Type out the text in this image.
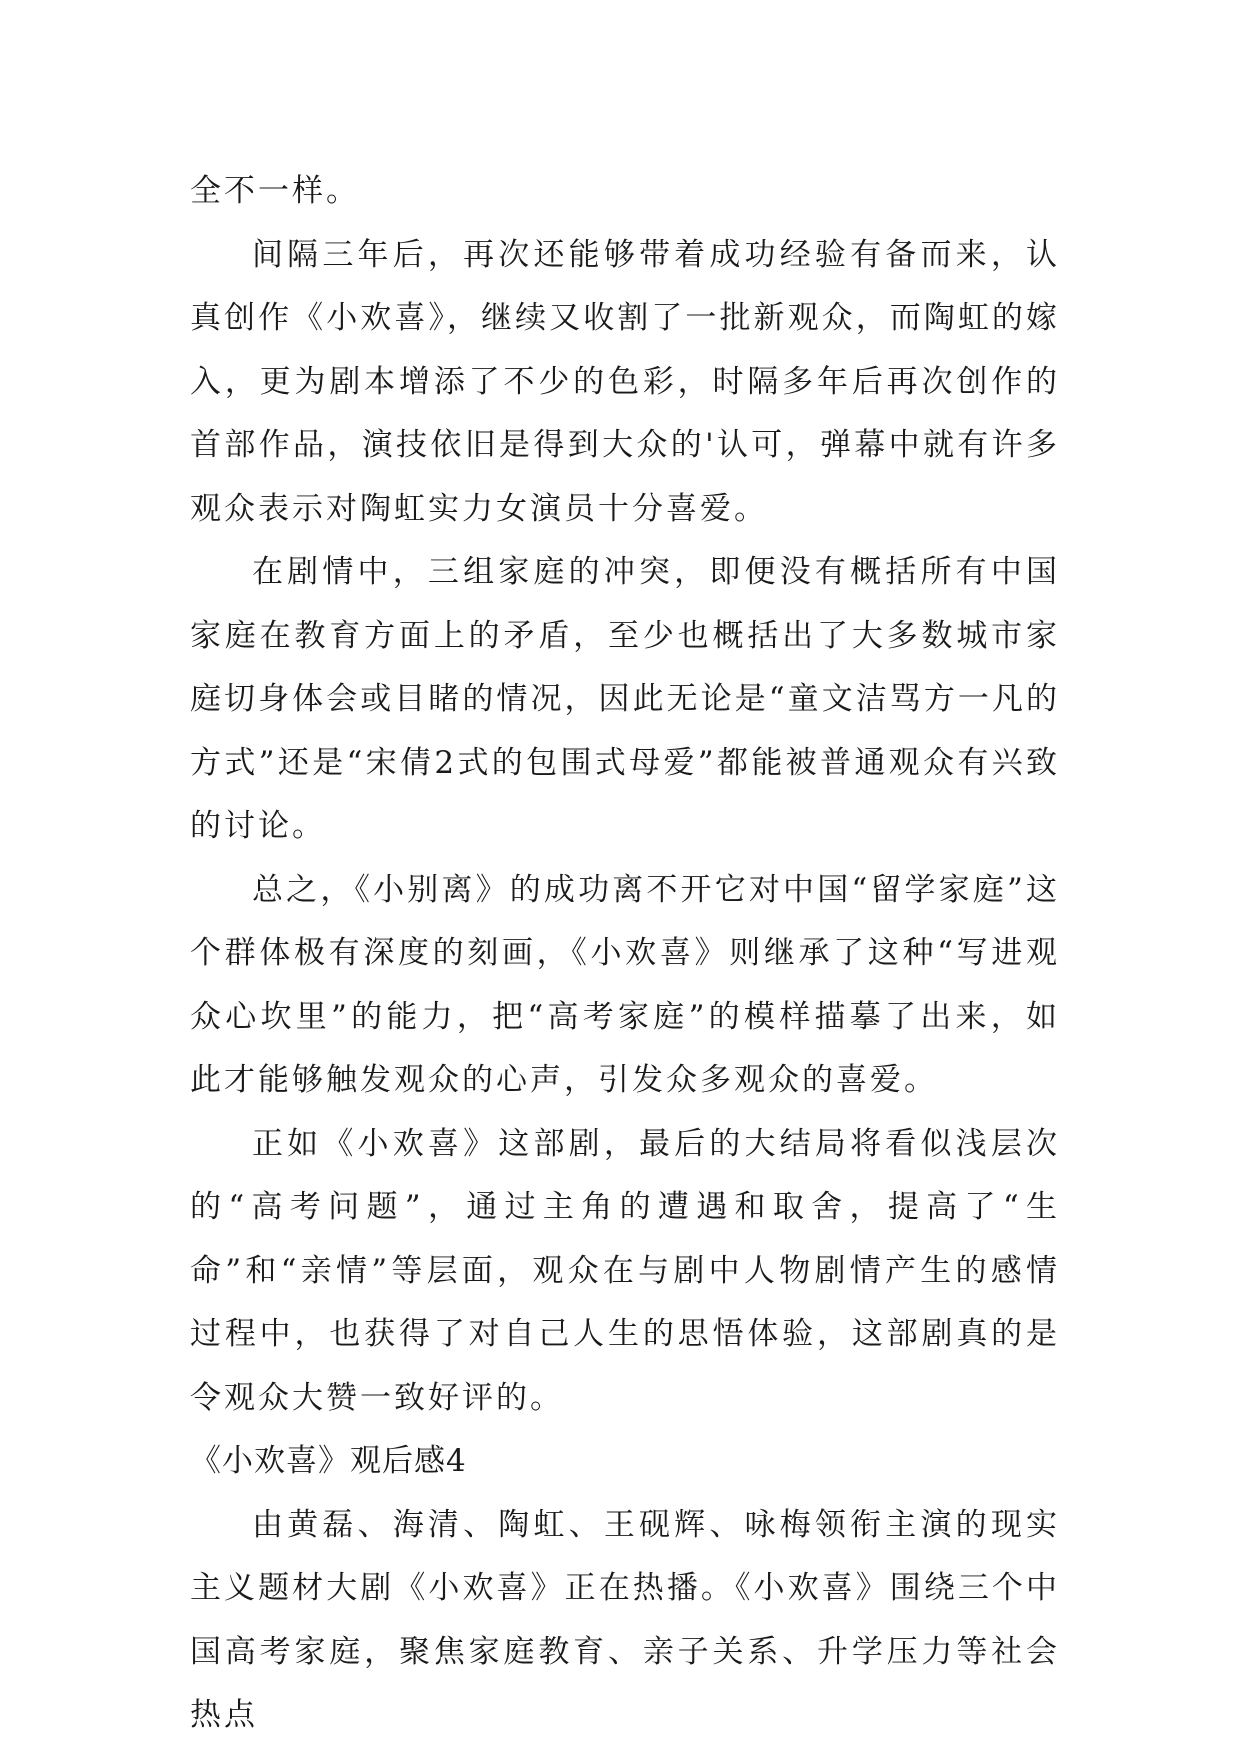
全不一样。

间隔三年后，再次还能够带着成功经验有备而来，认真创作《小欢喜》，继续又收割了一批新观众，而陶虹的嫁入，更为剧本增添了不少的色彩，时隔多年后再次创作的首部作品，演技依旧是得到大众的'认可，弹幕中就有许多观众表示对陶虹实力女演员十分喜爱。

在剧情中，三组家庭的冲突，即便没有概括所有中国家庭在教育方面上的矛盾，至少也概括出了大多数城市家庭切身体会或目睹的情况，因此无论是“童文洁骂方一凡的方式”还是“宋倩2式的包围式母爱”都能被普通观众有兴致的讨论。

总之，《小别离》的成功离不开它对中国“留学家庭”这个群体极有深度的刻画，《小欢喜》则继承了这种“写进观众心坎里”的能力，把“高考家庭”的模样描摹了出来，如此才能够触发观众的心声，引发众多观众的喜爱。

正如《小欢喜》这部剧，最后的大结局将看似浅层次的“高考问题”，通过主角的遭遇和取舍，提高了“生命”和“亲情”等层面，观众在与剧中人物剧情产生的感情过程中，也获得了对自己人生的思悟体验，这部剧真的是令观众大赞一致好评的。

《小欢喜》观后感4

由黄磊、海清、陶虹、王砚辉、咏梅领衔主演的现实主义题材大剧《小欢喜》正在热播。《小欢喜》围绕三个中国高考家庭，聚焦家庭教育、亲子关系、升学压力等社会热点
